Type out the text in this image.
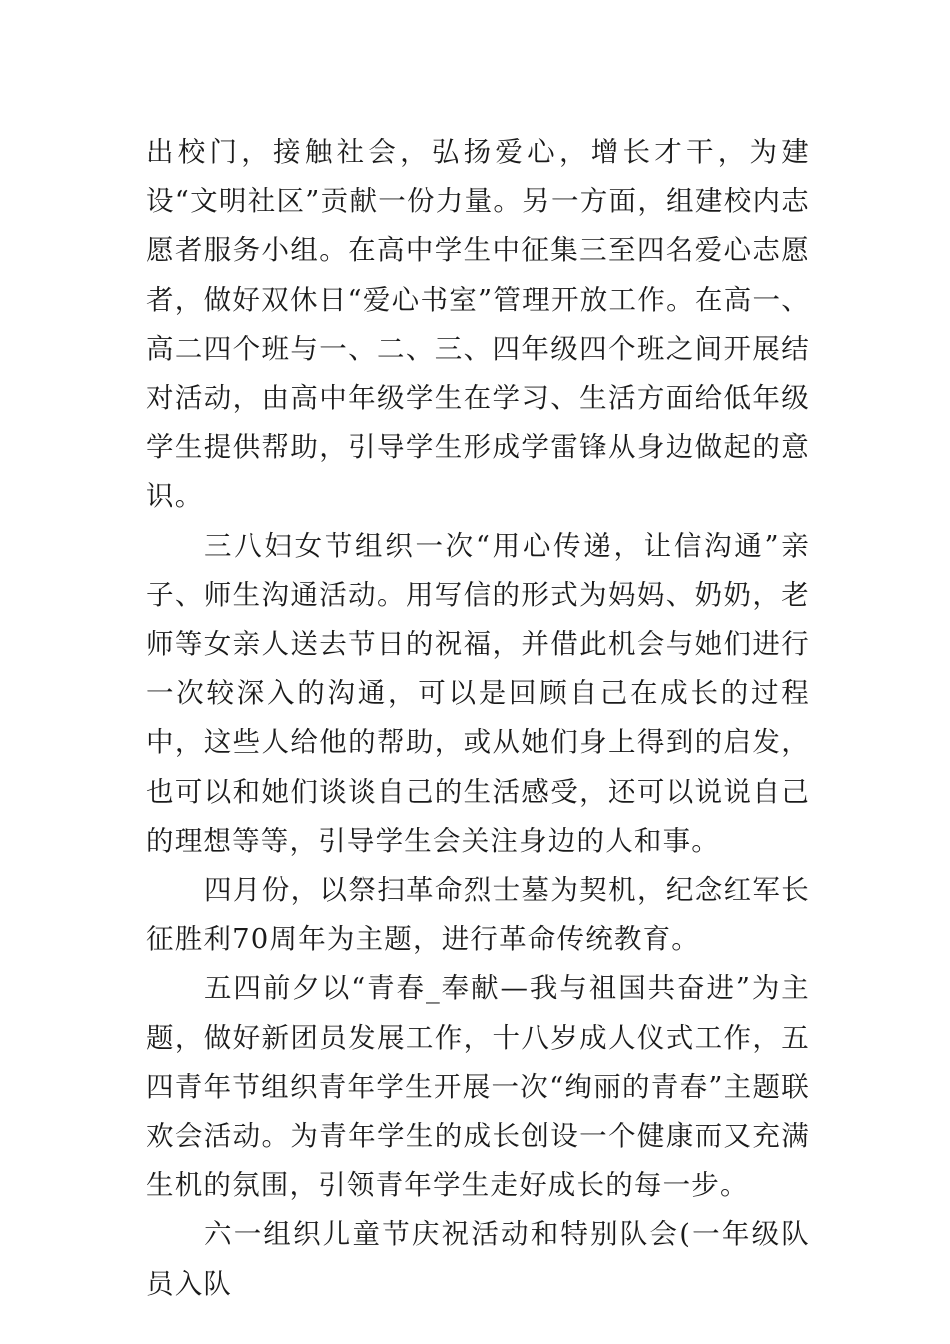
出校门，接触社会，弘扬爱心，增长才干，为建设“文明社区”贡献一份力量。另一方面，组建校内志愿者服务小组。在高中学生中征集三至四名爱心志愿者，做好双休日“爱心书室”管理开放工作。在高一、高二四个班与一、二、三、四年级四个班之间开展结对活动，由高中年级学生在学习、生活方面给低年级学生提供帮助，引导学生形成学雷锋从身边做起的意识。

三八妇女节组织一次“用心传递，让信沟通”亲子、师生沟通活动。用写信的形式为妈妈、奶奶，老师等女亲人送去节日的祝福，并借此机会与她们进行一次较深入的沟通，可以是回顾自己在成长的过程中，这些人给他的帮助，或从她们身上得到的启发，也可以和她们谈谈自己的生活感受，还可以说说自己的理想等等，引导学生会关注身边的人和事。

四月份，以祭扫革命烈士墓为契机，纪念红军长征胜利70周年为主题，进行革命传统教育。

五四前夕以“青春_奉献—我与祖国共奋进”为主题，做好新团员发展工作，十八岁成人仪式工作，五四青年节组织青年学生开展一次“绚丽的青春”主题联欢会活动。为青年学生的成长创设一个健康而又充满生机的氛围，引领青年学生走好成长的每一步。

六一组织儿童节庆祝活动和特别队会(一年级队员入队
